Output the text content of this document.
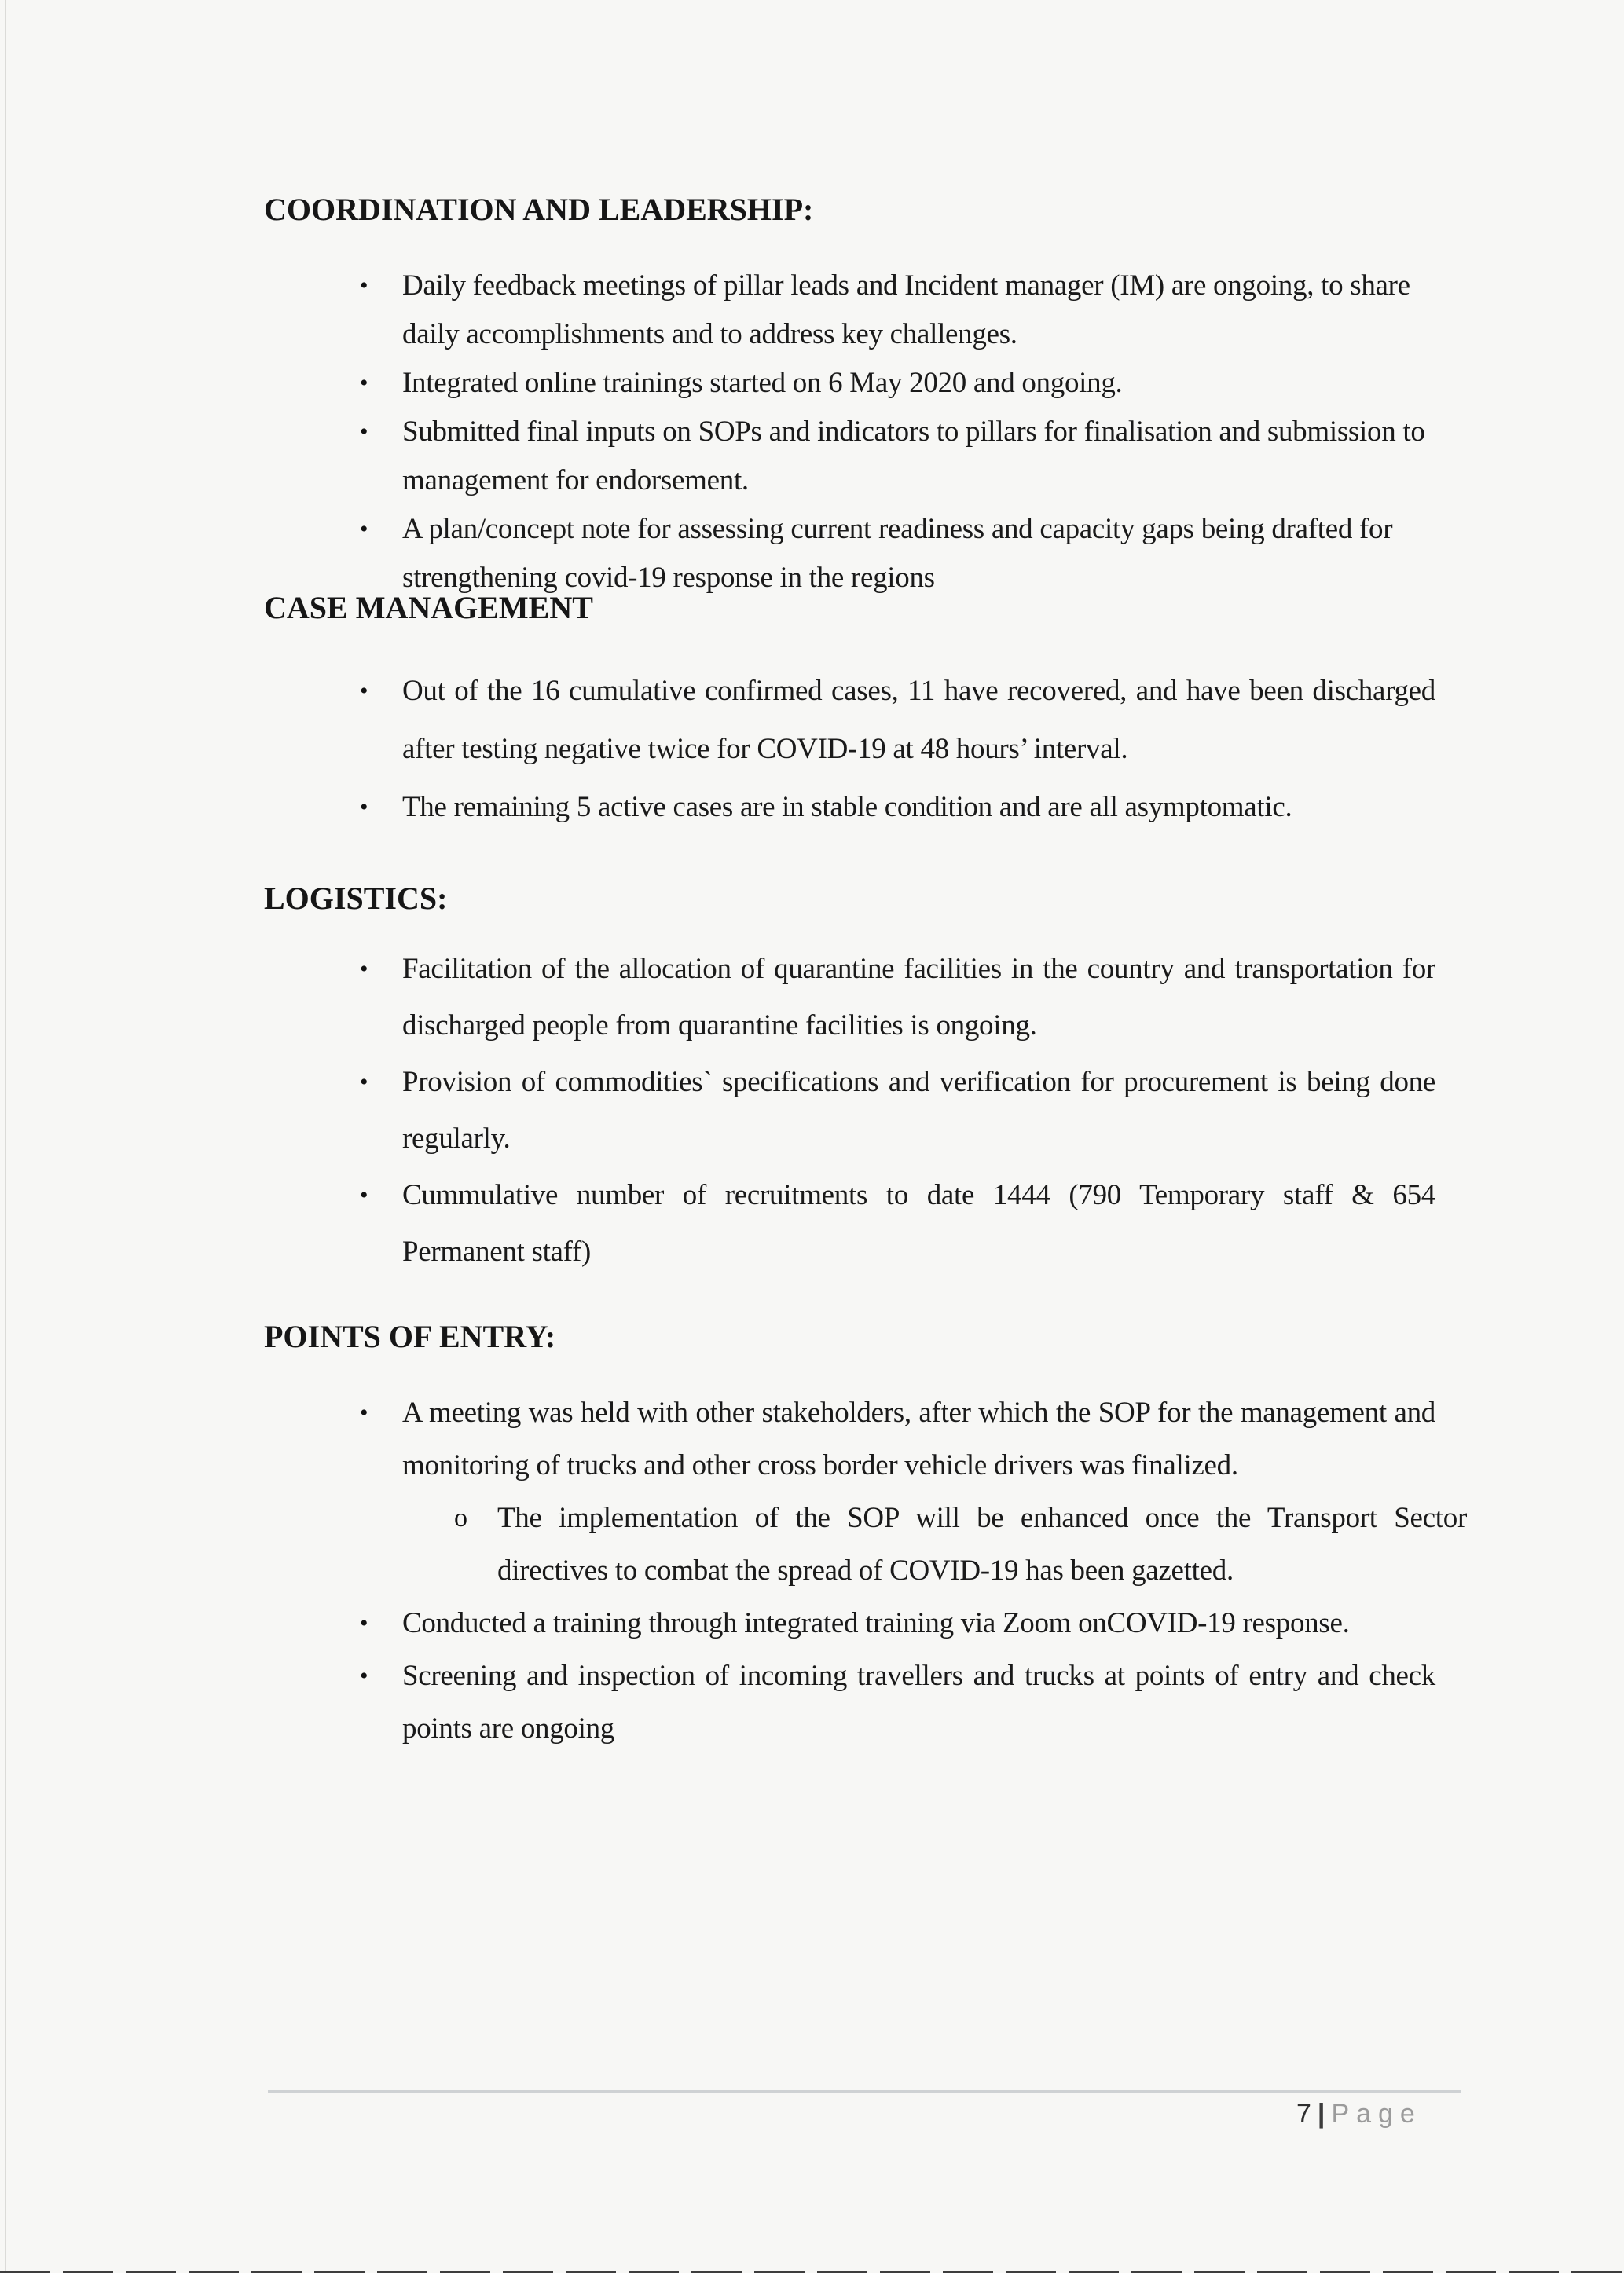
COORDINATION AND LEADERSHIP:
•	Daily feedback meetings of pillar leads and Incident manager (IM) are ongoing, to share daily accomplishments and to address key challenges.
•	Integrated online trainings started on 6 May 2020 and ongoing.
•	Submitted final inputs on SOPs and indicators to pillars for finalisation and submission to management for endorsement.
•	A plan/concept note for assessing current readiness and capacity gaps being drafted for strengthening covid-19 response in the regions
CASE MANAGEMENT
•	Out of the 16 cumulative confirmed cases, 11 have recovered, and have been discharged after testing negative twice for COVID-19 at 48 hours’ interval.
•	The remaining 5 active cases are in stable condition and are all asymptomatic.
LOGISTICS:
•	Facilitation of the allocation of quarantine facilities in the country and transportation for discharged people from quarantine facilities is ongoing.
•	Provision of commodities` specifications and verification for procurement is being done regularly.
•	Cummulative number of recruitments to date 1444 (790 Temporary staff & 654 Permanent staff)
POINTS OF ENTRY:
•	A meeting was held with other stakeholders, after which the SOP for the management and monitoring of trucks and other cross border vehicle drivers was finalized.
o	The implementation of the SOP will be enhanced once the Transport Sector directives to combat the spread of COVID-19 has been gazetted.
•	Conducted a training through integrated training via Zoom onCOVID-19 response.
•	Screening and inspection of incoming travellers and trucks at points of entry and check points are ongoing
7 | Page
